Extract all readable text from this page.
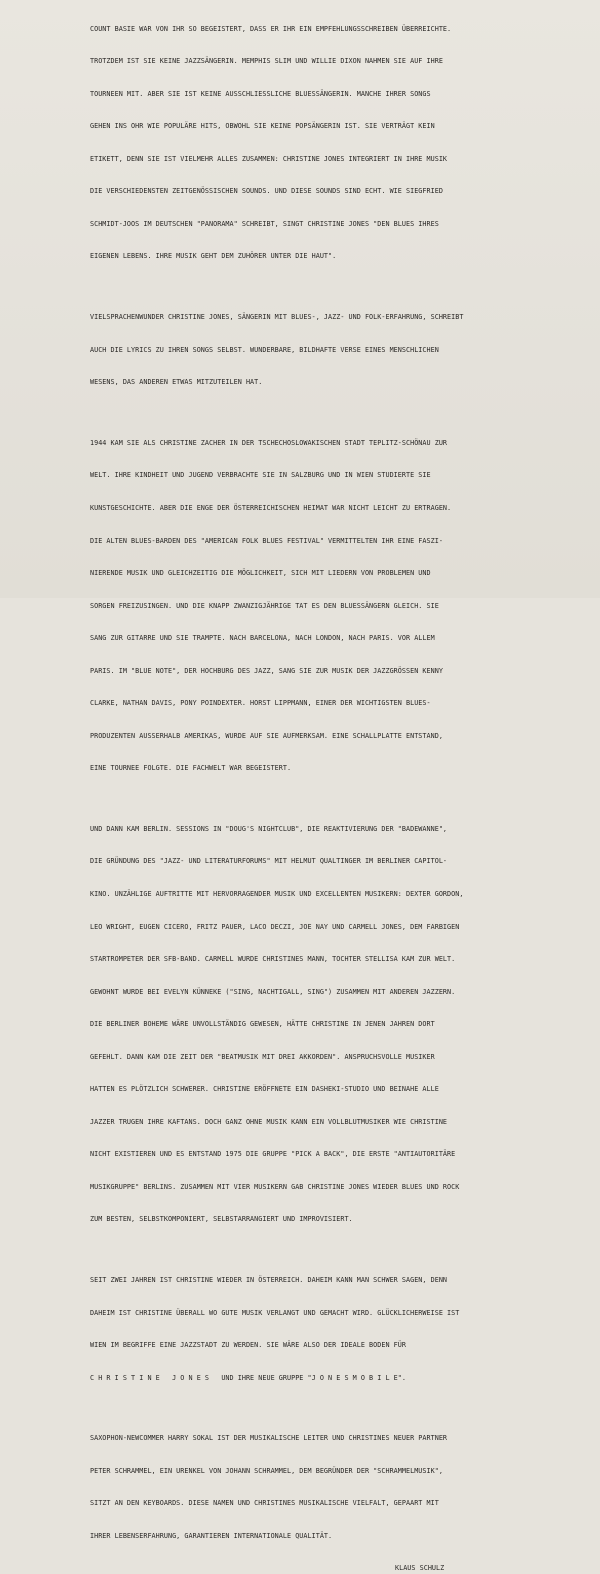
COUNT BASIE WAR VON IHR SO BEGEISTERT, DASS ER IHR EIN EMPFEHLUNGSSCHREIBEN ÜBERREICHTE.

TROTZDEM IST SIE KEINE JAZZSÄNGERIN. MEMPHIS SLIM UND WILLIE DIXON NAHMEN SIE AUF IHRE

TOURNEEN MIT. ABER SIE IST KEINE AUSSCHLIESSLICHE BLUESSÄNGERIN. MANCHE IHRER SONGS

GEHEN INS OHR WIE POPULÄRE HITS, OBWOHL SIE KEINE POPSÄNGERIN IST. SIE VERTRÄGT KEIN

ETIKETT, DENN SIE IST VIELMEHR ALLES ZUSAMMEN: CHRISTINE JONES INTEGRIERT IN IHRE MUSIK

DIE VERSCHIEDENSTEN ZEITGENÖSSISCHEN SOUNDS. UND DIESE SOUNDS SIND ECHT. WIE SIEGFRIED

SCHMIDT-JOOS IM DEUTSCHEN "PANORAMA" SCHREIBT, SINGT CHRISTINE JONES "DEN BLUES IHRES

EIGENEN LEBENS. IHRE MUSIK GEHT DEM ZUHÖRER UNTER DIE HAUT".

VIELSPRACHENWUNDER CHRISTINE JONES, SÄNGERIN MIT BLUES-, JAZZ- UND FOLK-ERFAHRUNG, SCHREIBT

AUCH DIE LYRICS ZU IHREN SONGS SELBST. WUNDERBARE, BILDHAFTE VERSE EINES MENSCHLICHEN

WESENS, DAS ANDEREN ETWAS MITZUTEILEN HAT.

1944 KAM SIE ALS CHRISTINE ZACHER IN DER TSCHECHOSLOWAKISCHEN STADT TEPLITZ-SCHÖNAU ZUR

WELT. IHRE KINDHEIT UND JUGEND VERBRACHTE SIE IN SALZBURG UND IN WIEN STUDIERTE SIE

KUNSTGESCHICHTE. ABER DIE ENGE DER ÖSTERREICHISCHEN HEIMAT WAR NICHT LEICHT ZU ERTRAGEN.

DIE ALTEN BLUES-BARDEN DES "AMERICAN FOLK BLUES FESTIVAL" VERMITTELTEN IHR EINE FASZI-

NIERENDE MUSIK UND GLEICHZEITIG DIE MÖGLICHKEIT, SICH MIT LIEDERN VON PROBLEMEN UND

SORGEN FREIZUSINGEN. UND DIE KNAPP ZWANZIGJÄHRIGE TAT ES DEN BLUESSÄNGERN GLEICH. SIE

SANG ZUR GITARRE UND SIE TRAMPTE. NACH BARCELONA, NACH LONDON, NACH PARIS. VOR ALLEM

PARIS. IM "BLUE NOTE", DER HOCHBURG DES JAZZ, SANG SIE ZUR MUSIK DER JAZZGRÖSSEN KENNY

CLARKE, NATHAN DAVIS, PONY POINDEXTER. HORST LIPPMANN, EINER DER WICHTIGSTEN BLUES-

PRODUZENTEN AUSSERHALB AMERIKAS, WURDE AUF SIE AUFMERKSAM. EINE SCHALLPLATTE ENTSTAND,

EINE TOURNEE FOLGTE. DIE FACHWELT WAR BEGEISTERT.

UND DANN KAM BERLIN. SESSIONS IN "DOUG'S NIGHTCLUB", DIE REAKTIVIERUNG DER "BADEWANNE",

DIE GRÜNDUNG DES "JAZZ- UND LITERATURFORUMS" MIT HELMUT QUALTINGER IM BERLINER CAPITOL-

KINO. UNZÄHLIGE AUFTRITTE MIT HERVORRAGENDER MUSIK UND EXCELLENTEN MUSIKERN: DEXTER GORDON,

LEO WRIGHT, EUGEN CICERO, FRITZ PAUER, LACO DECZI, JOE NAY UND CARMELL JONES, DEM FARBIGEN

STARTROMPETER DER SFB-BAND. CARMELL WURDE CHRISTINES MANN, TOCHTER STELLISA KAM ZUR WELT.

GEWOHNT WURDE BEI EVELYN KÜNNEKE ("SING, NACHTIGALL, SING") ZUSAMMEN MIT ANDEREN JAZZERN.

DIE BERLINER BOHEME WÄRE UNVOLLSTÄNDIG GEWESEN, HÄTTE CHRISTINE IN JENEN JAHREN DORT

GEFEHLT. DANN KAM DIE ZEIT DER "BEATMUSIK MIT DREI AKKORDEN". ANSPRUCHSVOLLE MUSIKER

HATTEN ES PLÖTZLICH SCHWERER. CHRISTINE ERÖFFNETE EIN DASHEKI-STUDIO UND BEINAHE ALLE

JAZZER TRUGEN IHRE KAFTANS. DOCH GANZ OHNE MUSIK KANN EIN VOLLBLUTMUSIKER WIE CHRISTINE

NICHT EXISTIEREN UND ES ENTSTAND 1975 DIE GRUPPE "PICK A BACK", DIE ERSTE "ANTIAUTORITÄRE

MUSIKGRUPPE" BERLINS. ZUSAMMEN MIT VIER MUSIKERN GAB CHRISTINE JONES WIEDER BLUES UND ROCK

ZUM BESTEN, SELBSTKOMPONIERT, SELBSTARRANGIERT UND IMPROVISIERT.

SEIT ZWEI JAHREN IST CHRISTINE WIEDER IN ÖSTERREICH. DAHEIM KANN MAN SCHWER SAGEN, DENN

DAHEIM IST CHRISTINE ÜBERALL WO GUTE MUSIK VERLANGT UND GEMACHT WIRD. GLÜCKLICHERWEISE IST

WIEN IM BEGRIFFE EINE JAZZSTADT ZU WERDEN. SIE WÄRE ALSO DER IDEALE BODEN FÜR

C H R I S T I N E   J O N E S   UND IHRE NEUE GRUPPE "J O N E S M O B I L E".

SAXOPHON-NEWCOMMER HARRY SOKAL IST DER MUSIKALISCHE LEITER UND CHRISTINES NEUER PARTNER

PETER SCHRAMMEL, EIN URENKEL VON JOHANN SCHRAMMEL, DEM BEGRÜNDER DER "SCHRAMMELMUSIK",

SITZT AN DEN KEYBOARDS. DIESE NAMEN UND CHRISTINES MUSIKALISCHE VIELFALT, GEPAART MIT

IHRER LEBENSERFAHRUNG, GARANTIEREN INTERNATIONALE QUALITÄT.

KLAUS SCHULZ
